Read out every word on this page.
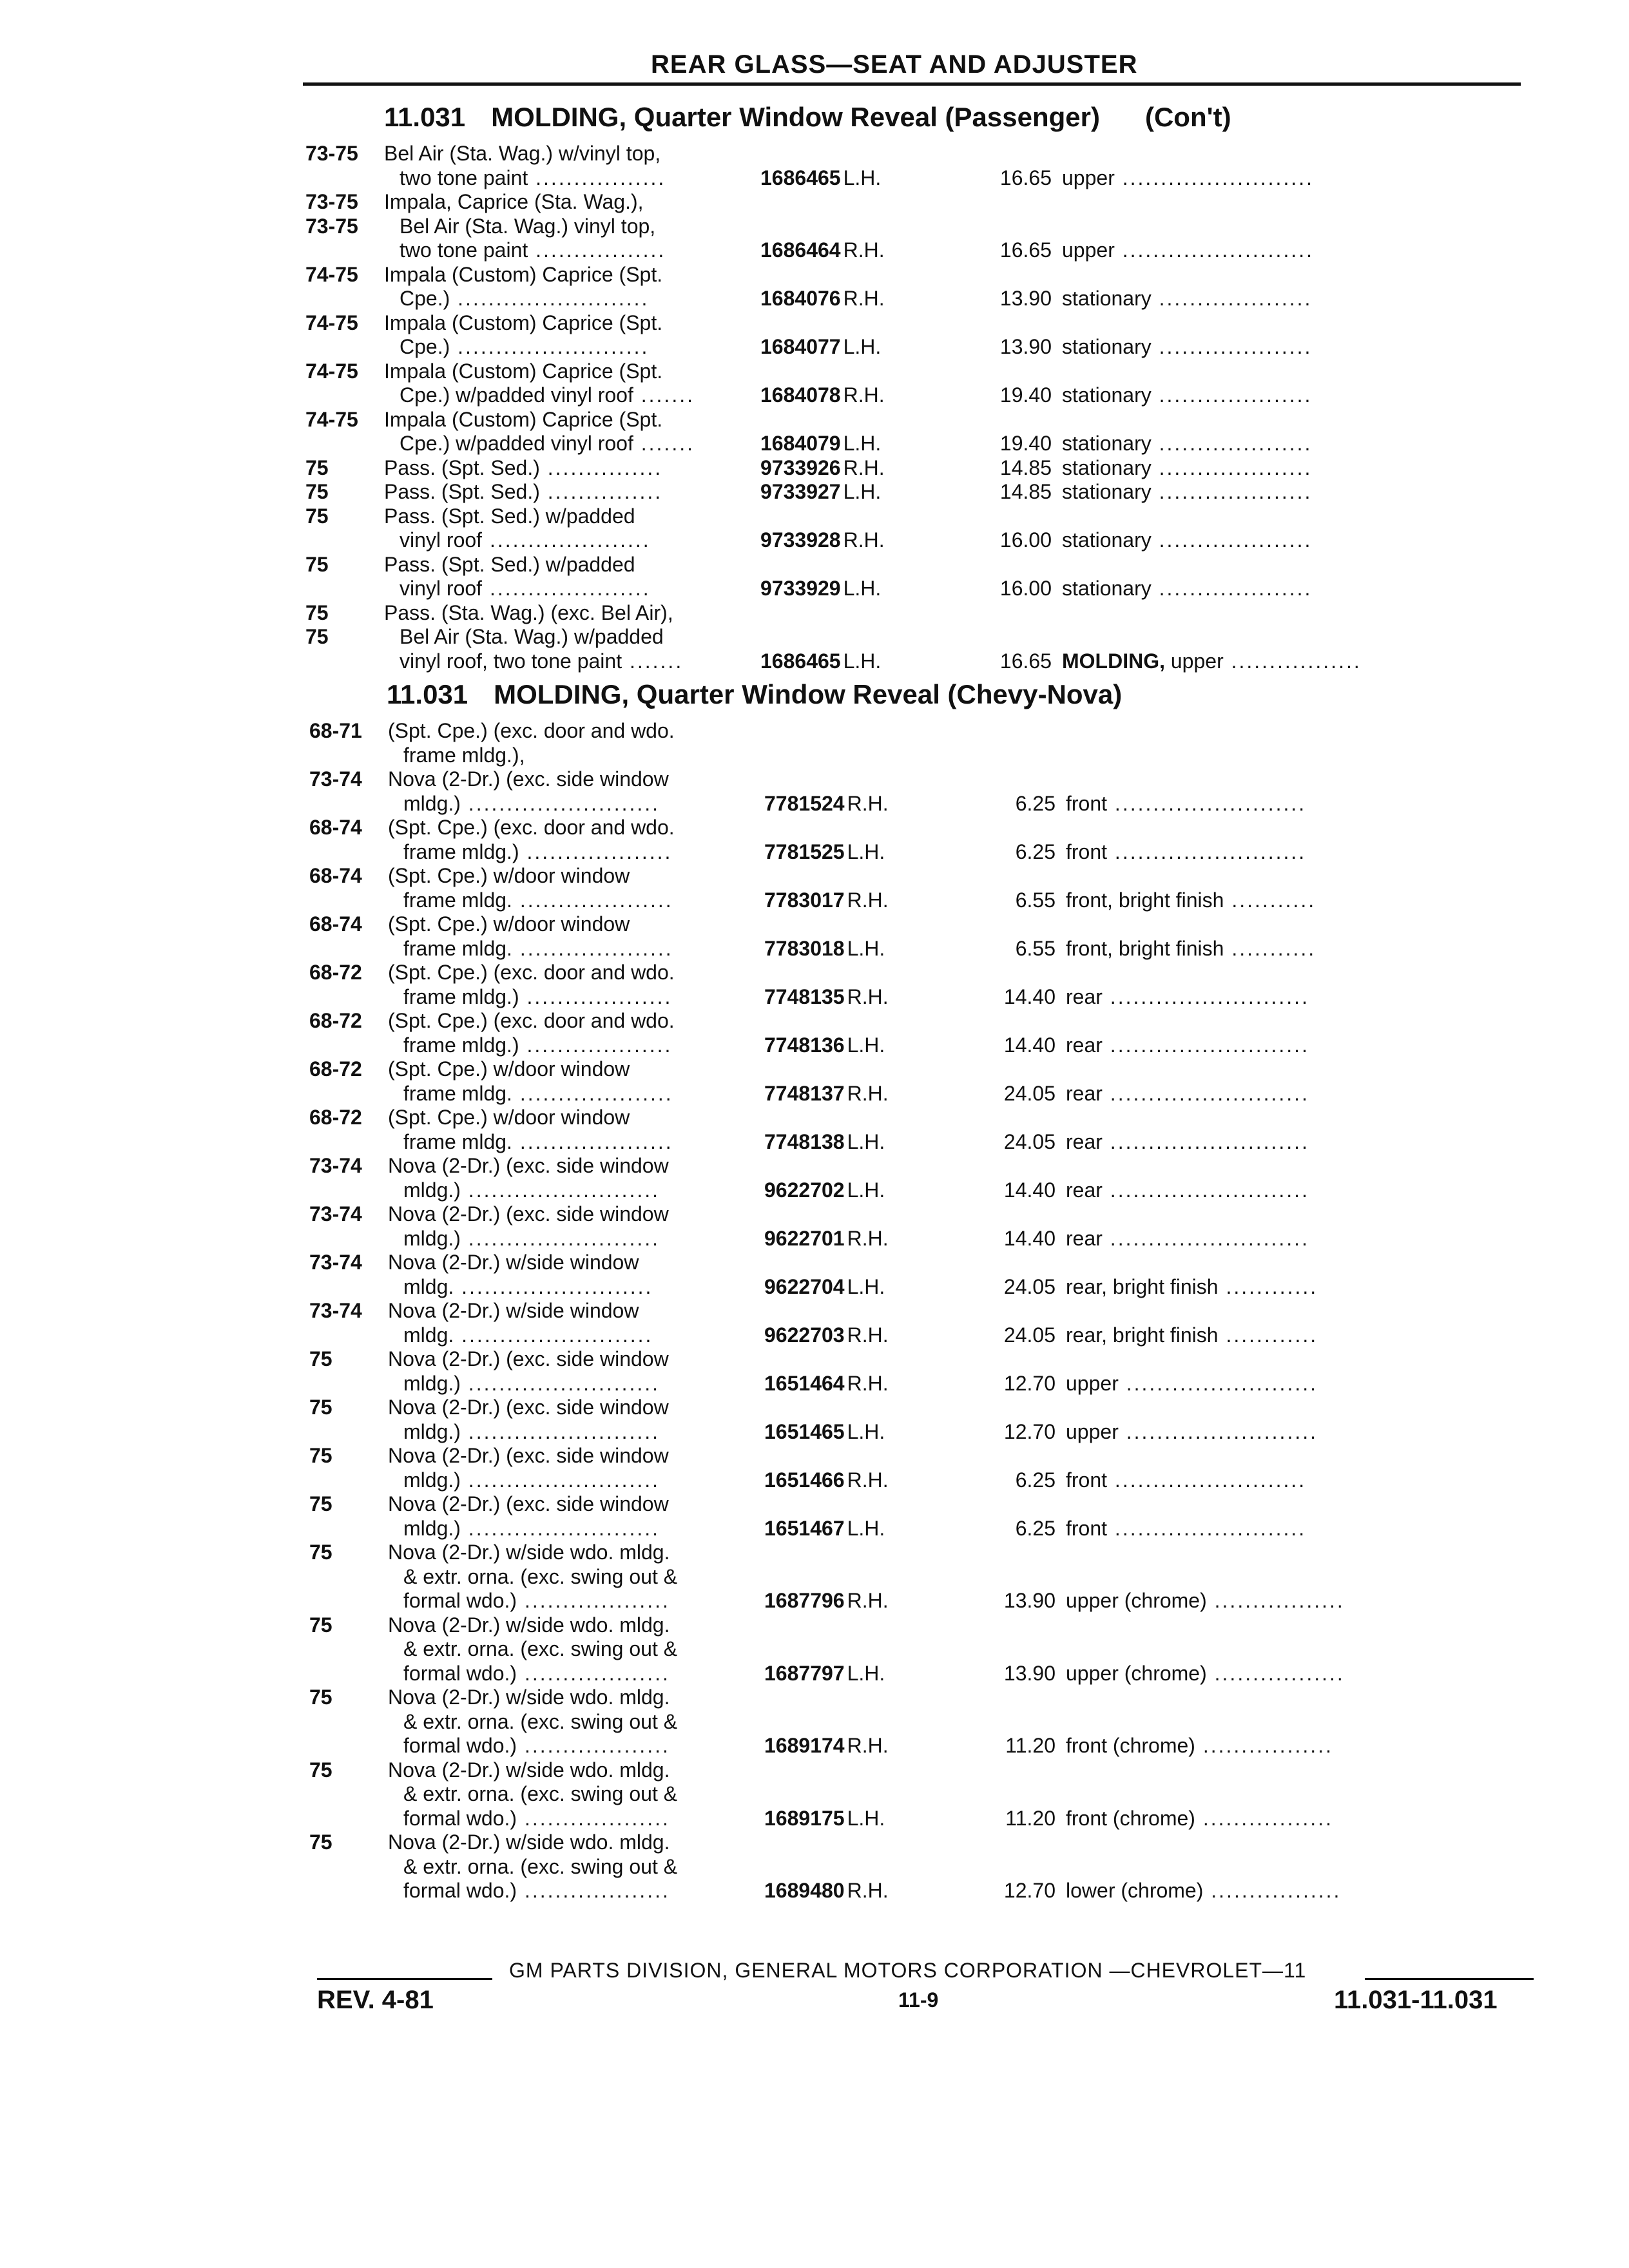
REAR GLASS—SEAT AND ADJUSTER
11.031 MOLDING, Quarter Window Reveal (Passenger) (Con't)
73-75 Bel Air (Sta. Wag.) w/vinyl top,
two tone paint .................	1686465 L.H.	16.65 upper .........................
73-75 Impala, Caprice (Sta. Wag.),
73-75 Bel Air (Sta. Wag.) vinyl top,
two tone paint .................	1686464 R.H.	16.65 upper .........................
74-75 Impala (Custom) Caprice (Spt.
Cpe.) .........................	1684076 R.H.	13.90 stationary ....................
74-75 Impala (Custom) Caprice (Spt.
Cpe.) .........................	1684077 L.H.	13.90 stationary ....................
74-75 Impala (Custom) Caprice (Spt.
Cpe.) w/padded vinyl roof .......	1684078 R.H.	19.40 stationary ....................
74-75 Impala (Custom) Caprice (Spt.
Cpe.) w/padded vinyl roof .......	1684079 L.H.	19.40 stationary ....................
75	Pass. (Spt. Sed.) ...............	9733926 R.H.	14.85 stationary ....................
75	Pass. (Spt. Sed.) ...............	9733927 L.H.	14.85 stationary ....................
75	Pass. (Spt. Sed.) w/padded
vinyl roof .....................	9733928 R.H.	16.00 stationary ....................
75	Pass. (Spt. Sed.) w/padded
vinyl roof .....................	9733929 L.H.	16.00 stationary ....................
75	Pass. (Sta. Wag.) (exc. Bel Air),
75	Bel Air (Sta. Wag.) w/padded
vinyl roof, two tone paint .......	1686465 L.H.	16.65 MOLDING, upper .................
11.031 MOLDING, Quarter Window Reveal (Chevy-Nova)
68-71 (Spt. Cpe.) (exc. door and wdo.
frame mldg.),
73-74 Nova (2-Dr.) (exc. side window
mldg.) .........................	7781524 R.H.	6.25 front .........................
68-74 (Spt. Cpe.) (exc. door and wdo.
frame mldg.) ...................	7781525 L.H.	6.25 front .........................
68-74 (Spt. Cpe.) w/door window
frame mldg. ....................	7783017 R.H.	6.55 front, bright finish ...........
68-74 (Spt. Cpe.) w/door window
frame mldg. ....................	7783018 L.H.	6.55 front, bright finish ...........
68-72 (Spt. Cpe.) (exc. door and wdo.
frame mldg.) ...................	7748135 R.H.	14.40 rear ..........................
68-72 (Spt. Cpe.) (exc. door and wdo.
frame mldg.) ...................	7748136 L.H.	14.40 rear ..........................
68-72 (Spt. Cpe.) w/door window
frame mldg. ....................	7748137 R.H.	24.05 rear ..........................
68-72 (Spt. Cpe.) w/door window
frame mldg. ....................	7748138 L.H.	24.05 rear ..........................
73-74 Nova (2-Dr.) (exc. side window
mldg.) .........................	9622702 L.H.	14.40 rear ..........................
73-74 Nova (2-Dr.) (exc. side window
mldg.) .........................	9622701 R.H.	14.40 rear ..........................
73-74 Nova (2-Dr.) w/side window
mldg. .........................	9622704 L.H.	24.05 rear, bright finish ............
73-74 Nova (2-Dr.) w/side window
mldg. .........................	9622703 R.H.	24.05 rear, bright finish ............
75	Nova (2-Dr.) (exc. side window
mldg.) .........................	1651464 R.H.	12.70 upper .........................
75	Nova (2-Dr.) (exc. side window
mldg.) .........................	1651465 L.H.	12.70 upper .........................
75	Nova (2-Dr.) (exc. side window
mldg.) .........................	1651466 R.H.	6.25 front .........................
75	Nova (2-Dr.) (exc. side window
mldg.) .........................	1651467 L.H.	6.25 front .........................
75	Nova (2-Dr.) w/side wdo. mldg.
& extr. orna. (exc. swing out &
formal wdo.) ...................	1687796 R.H.	13.90 upper (chrome) .................
75	Nova (2-Dr.) w/side wdo. mldg.
& extr. orna. (exc. swing out &
formal wdo.) ...................	1687797 L.H.	13.90 upper (chrome) .................
75	Nova (2-Dr.) w/side wdo. mldg.
& extr. orna. (exc. swing out &
formal wdo.) ...................	1689174 R.H.	11.20 front (chrome) .................
75	Nova (2-Dr.) w/side wdo. mldg.
& extr. orna. (exc. swing out &
formal wdo.) ...................	1689175 L.H.	11.20 front (chrome) .................
75	Nova (2-Dr.) w/side wdo. mldg.
& extr. orna. (exc. swing out &
formal wdo.) ...................	1689480 R.H.	12.70 lower (chrome) .................
GM PARTS DIVISION, GENERAL MOTORS CORPORATION —CHEVROLET—11
REV. 4-81	11-9	11.031-11.031
